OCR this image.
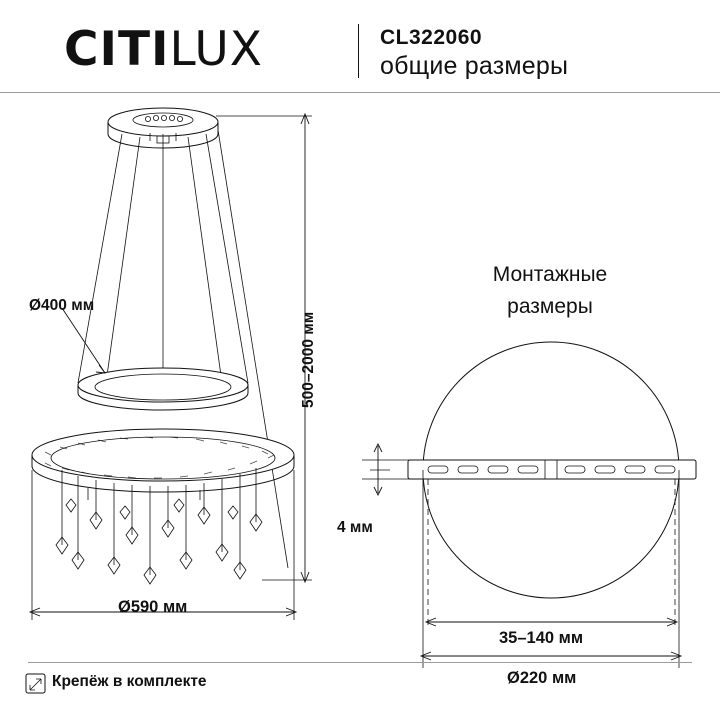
CITILUX	CL322060
общие размеры
Ø400 мм
500–2000 мм
Ø590 мм
Монтажные
размеры
4 мм
35–140 мм
Ø220 мм
Крепёж в комплекте
